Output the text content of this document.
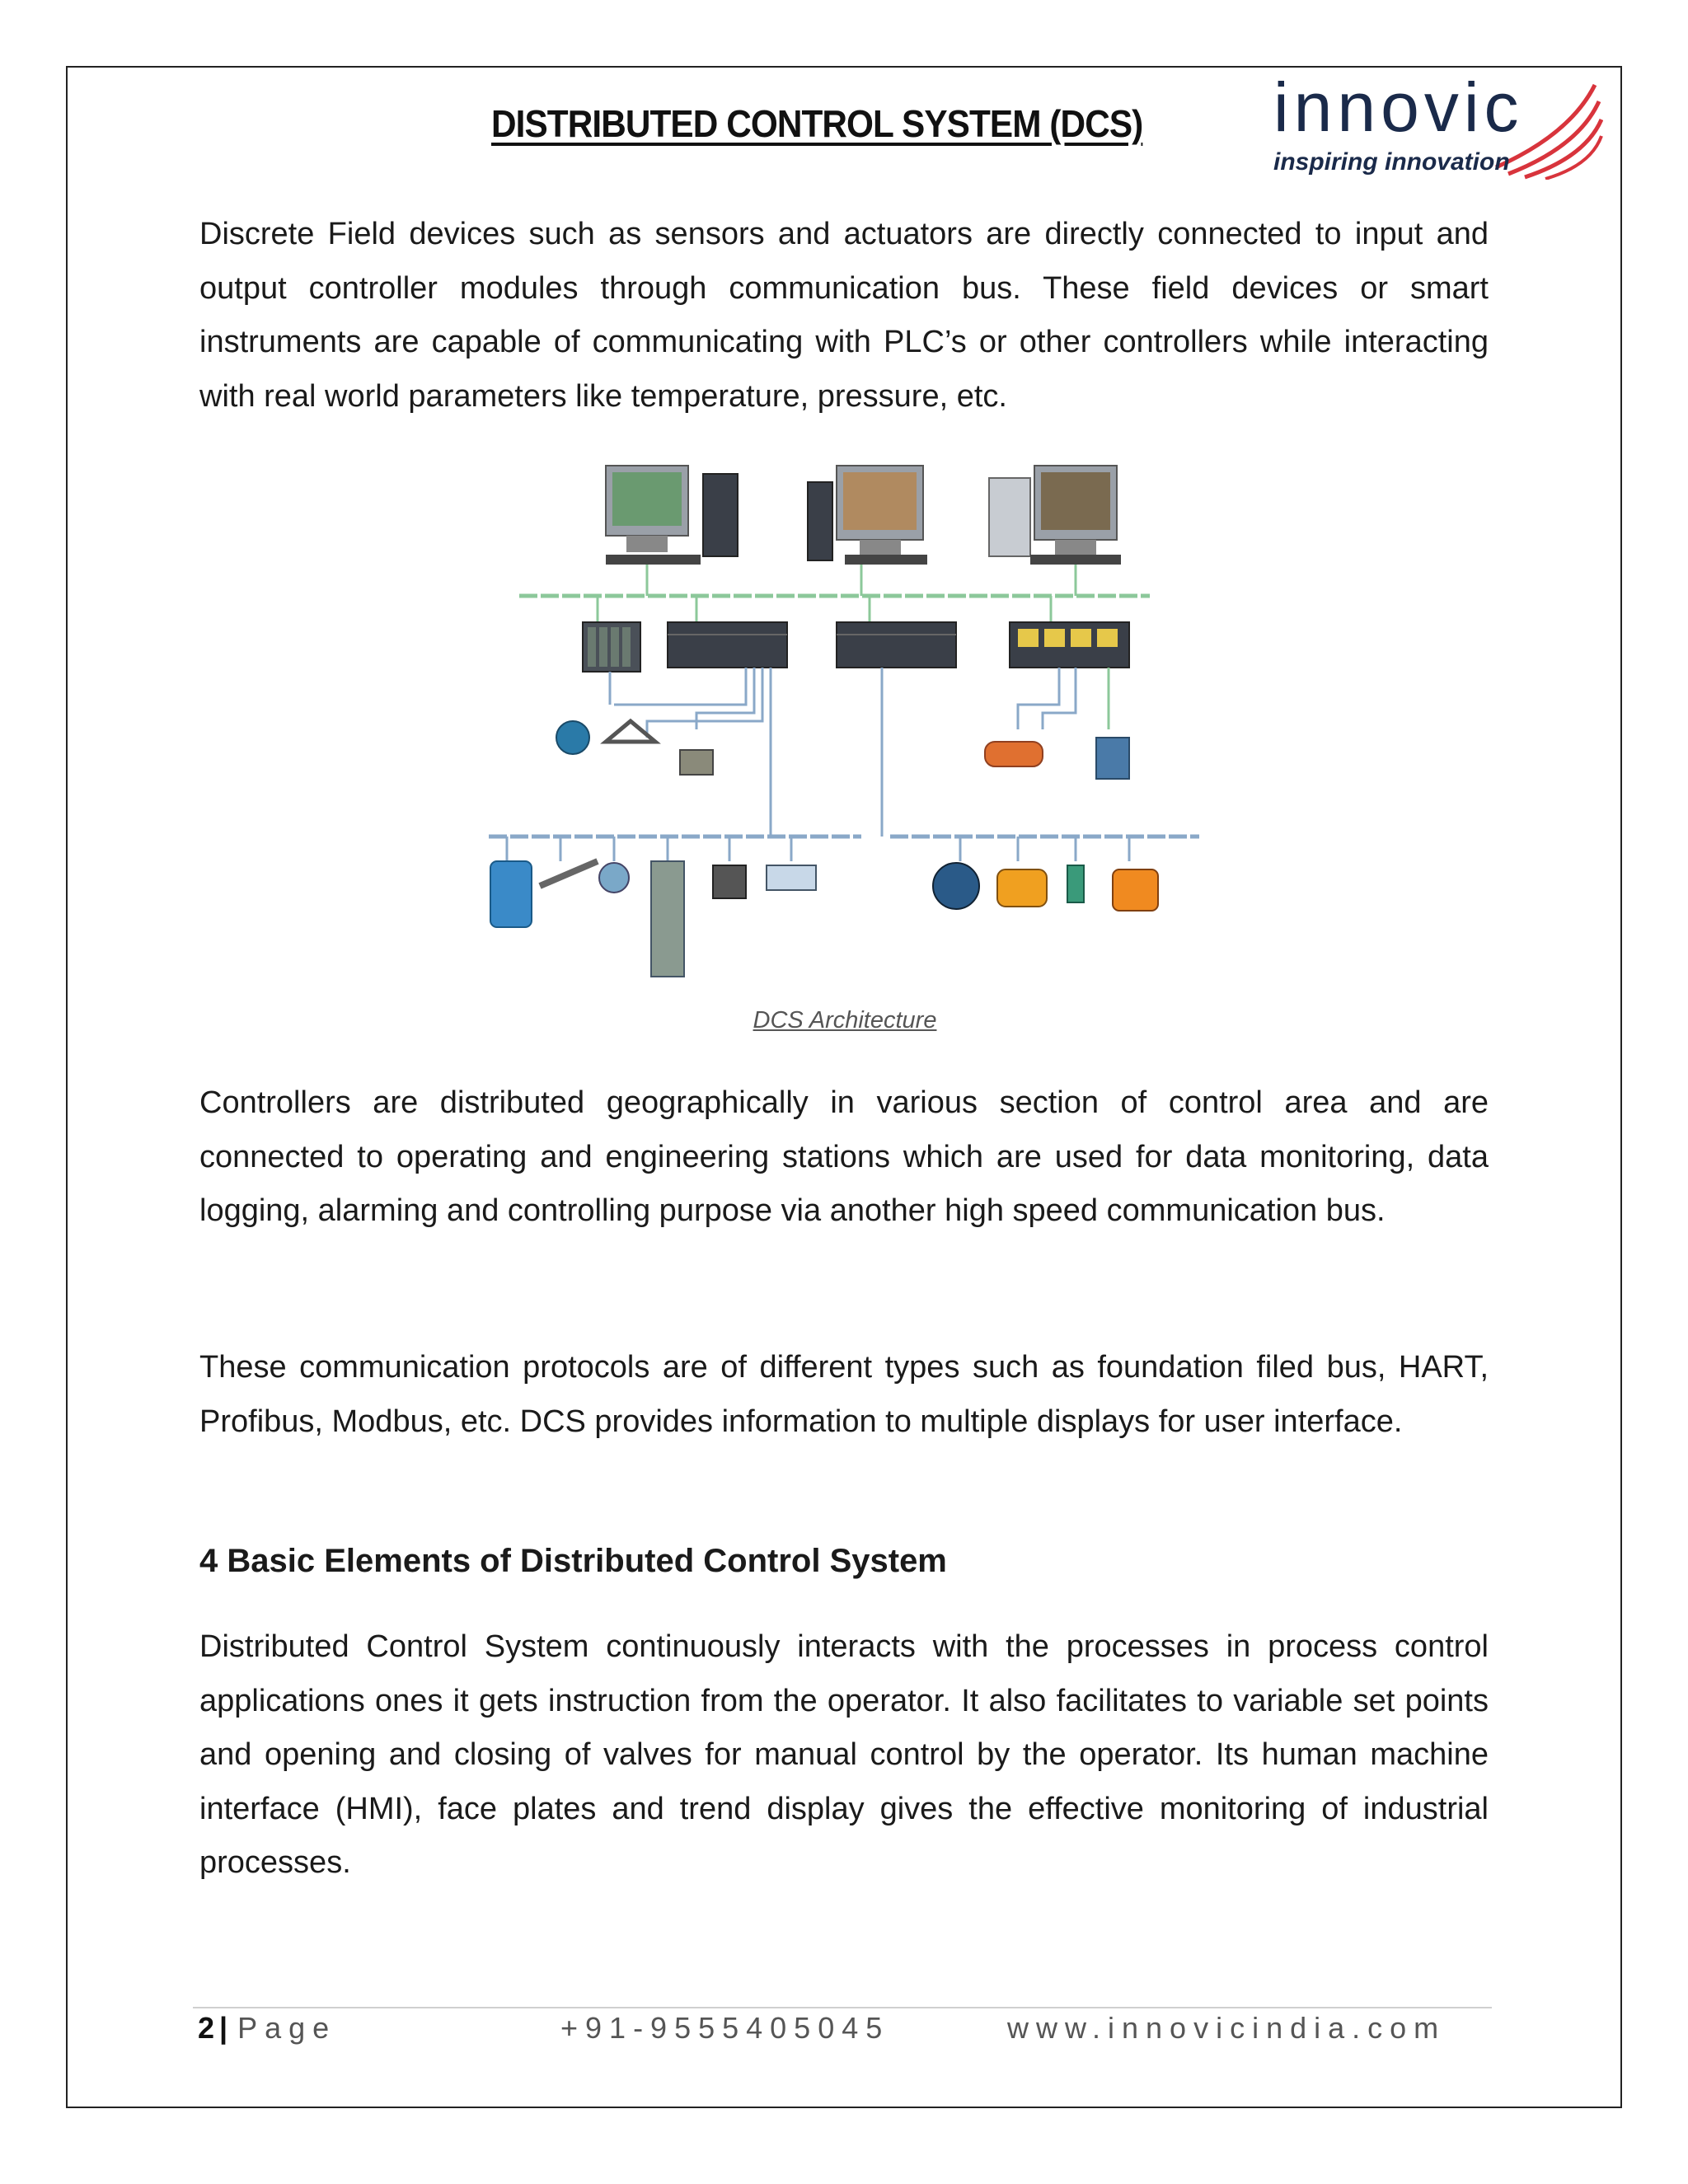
DISTRIBUTED CONTROL SYSTEM (DCS) innovic
inspiring innovation

Discrete Field devices such as sensors and actuators are directly connected to input and output controller modules through communication bus. These field devices or smart instruments are capable of communicating with PLC’s or other controllers while interacting with real world parameters like temperature, pressure, etc.

DCS Architecture

Controllers are distributed geographically in various section of control area and are connected to operating and engineering stations which are used for data monitoring, data logging, alarming and controlling purpose via another high speed communication bus.

These communication protocols are of different types such as foundation filed bus, HART, Profibus, Modbus, etc. DCS provides information to multiple displays for user interface.

4 Basic Elements of Distributed Control System

Distributed Control System continuously interacts with the processes in process control applications ones it gets instruction from the operator. It also facilitates to variable set points and opening and closing of valves for manual control by the operator. Its human machine interface (HMI), face plates and trend display gives the effective monitoring of industrial processes.

2 | Page	+91-9555405045	www.innovicindia.com
